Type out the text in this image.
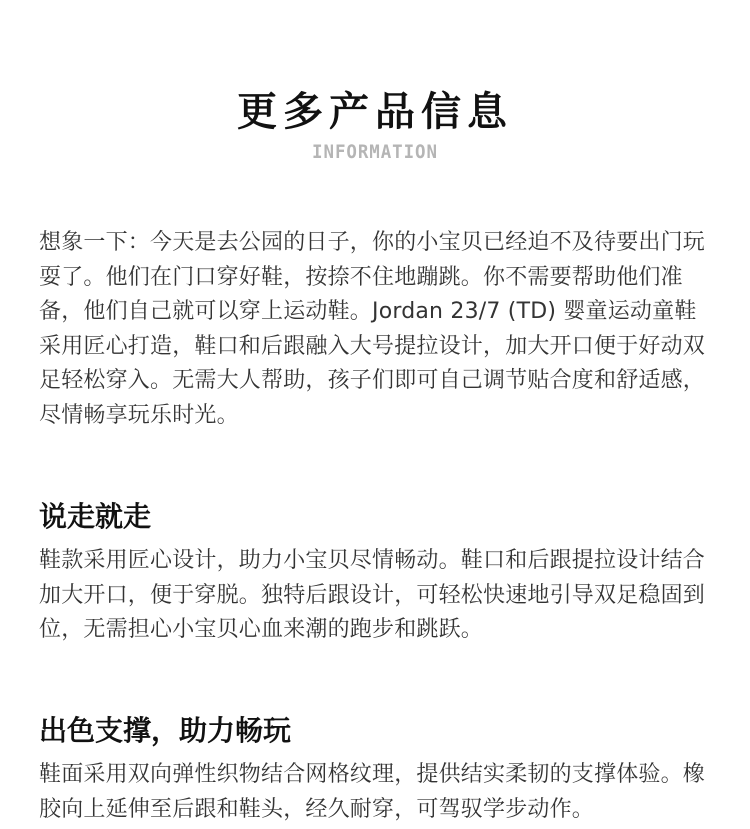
更多产品信息
INFORMATION

想象一下：今天是去公园的日子，你的小宝贝已经迫不及待要出门玩耍了。他们在门口穿好鞋，按捺不住地蹦跳。你不需要帮助他们准备，他们自己就可以穿上运动鞋。Jordan 23/7 (TD) 婴童运动童鞋采用匠心打造，鞋口和后跟融入大号提拉设计，加大开口便于好动双足轻松穿入。无需大人帮助，孩子们即可自己调节贴合度和舒适感，尽情畅享玩乐时光。

说走就走

鞋款采用匠心设计，助力小宝贝尽情畅动。鞋口和后跟提拉设计结合加大开口，便于穿脱。独特后跟设计，可轻松快速地引导双足稳固到位，无需担心小宝贝心血来潮的跑步和跳跃。

出色支撑，助力畅玩

鞋面采用双向弹性织物结合网格纹理，提供结实柔韧的支撑体验。橡胶向上延伸至后跟和鞋头，经久耐穿，可驾驭学步动作。
